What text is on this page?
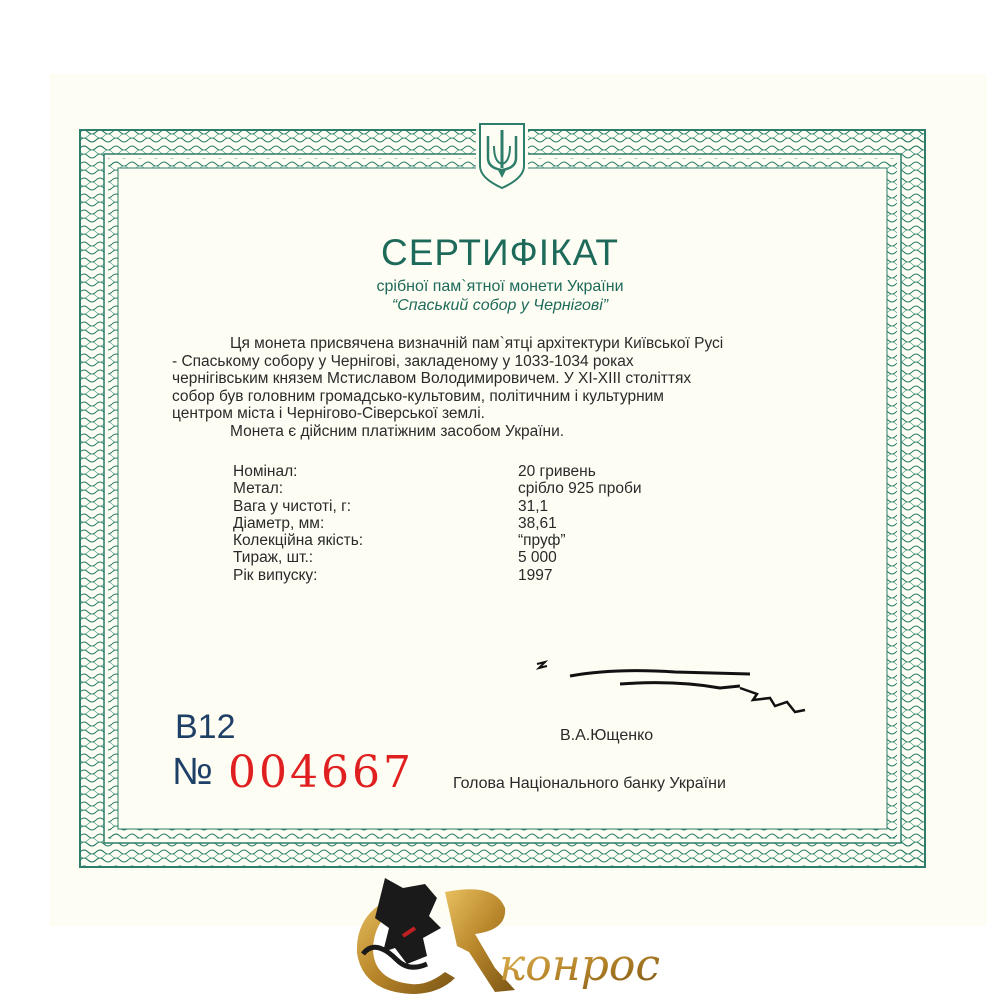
СЕРТИФІКАТ
срібної пам`ятної монети України
“Спаський собор у Чернігові”

Ця монета присвячена визначній пам`ятці архітектури Київської Русі

- Спаському собору у Чернігові, закладеному у 1033-1034 роках

чернігівським князем Мстиславом Володимировичем. У XI-XIII століттях

собор був головним громадсько-культовим, політичним і культурним

центром міста і Чернігово-Сіверської землі.

Монета є дійсним платіжним засобом України.

Номінал:	20 гривень
Метал:	срібло 925 проби
Вага у чистоті, г:	31,1
Діаметр, мм:	38,61
Колекційна якість:	“пруф”
Тираж, шт.:	5 000
Рік випуску:	1997
В.А.Ющенко
Голова Національного банку України
В12
№ 004667
конрос
